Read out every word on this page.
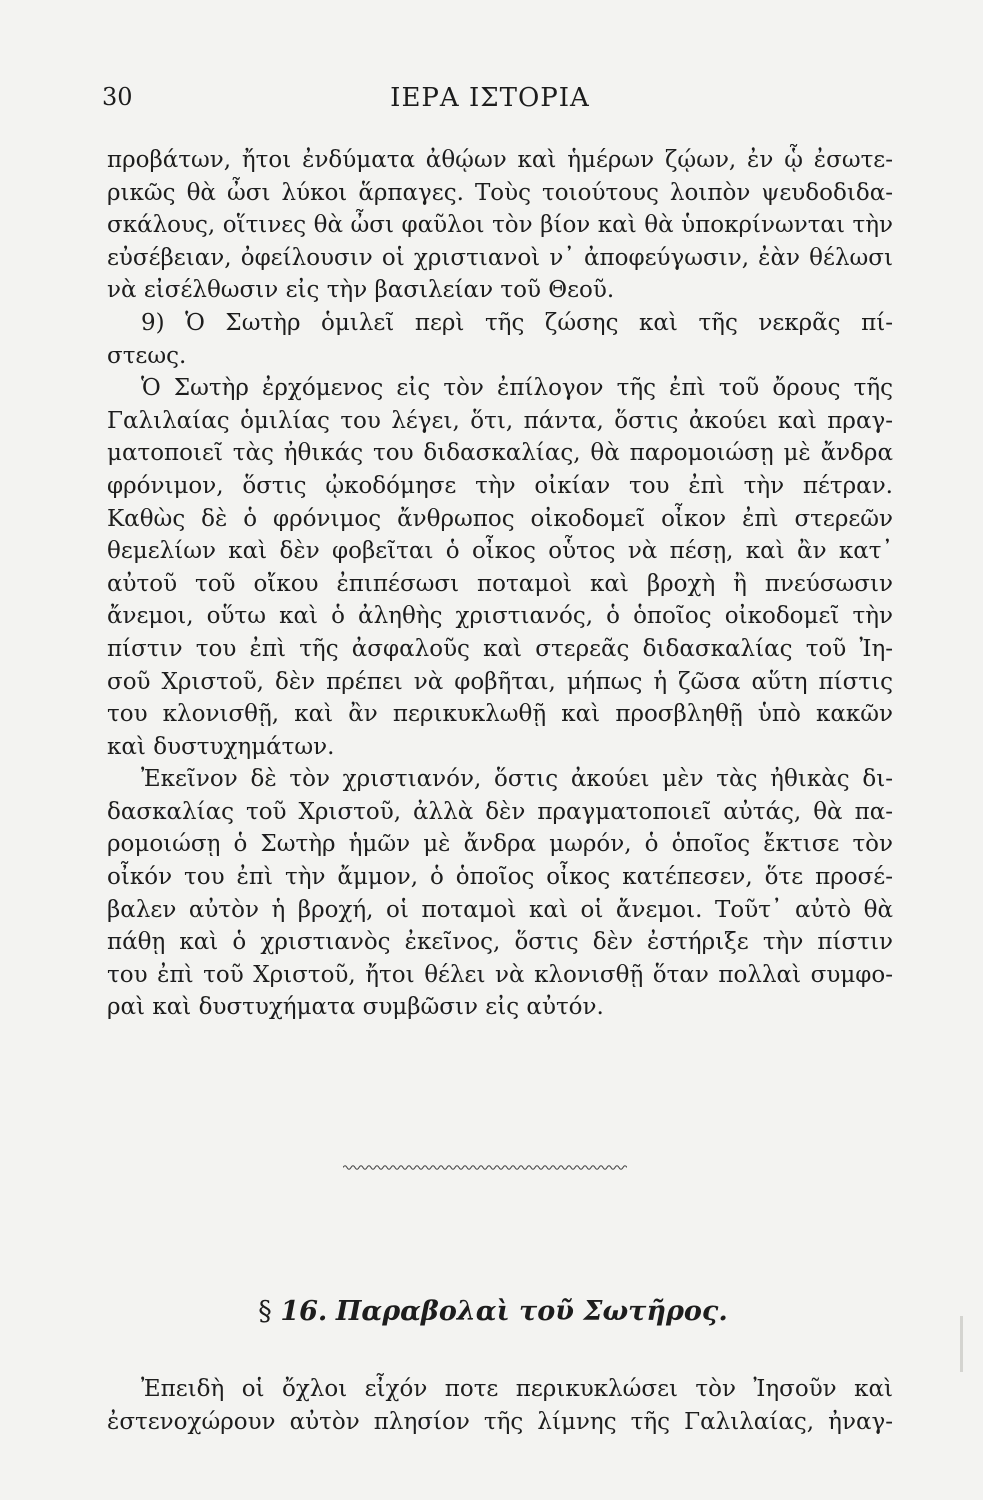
30	ΙΕΡΑ ΙΣΤΟΡΙΑ
προβάτων, ἤτοι ἐνδύματα ἀθῴων καὶ ἡμέρων ζῴων, ἐν ᾧ ἐσωτε-
ρικῶς θὰ ὦσι λύκοι ἅρπαγες. Τοὺς τοιούτους λοιπὸν ψευδοδιδα-
σκάλους, οἵτινες θὰ ὦσι φαῦλοι τὸν βίον καὶ θὰ ὑποκρίνωνται τὴν
εὐσέβειαν, ὀφείλουσιν οἱ χριστιανοὶ ν᾿ ἀποφεύγωσιν, ἐὰν θέλωσι
νὰ εἰσέλθωσιν εἰς τὴν βασιλείαν τοῦ Θεοῦ.
9) Ὁ Σωτὴρ ὁμιλεῖ περὶ τῆς ζώσης καὶ τῆς νεκρᾶς πί-
στεως.
Ὁ Σωτὴρ ἐρχόμενος εἰς τὸν ἐπίλογον τῆς ἐπὶ τοῦ ὄρους τῆς
Γαλιλαίας ὁμιλίας του λέγει, ὅτι, πάντα, ὅστις ἀκούει καὶ πραγ-
ματοποιεῖ τὰς ἠθικάς του διδασκαλίας, θὰ παρομοιώσῃ μὲ ἄνδρα
φρόνιμον, ὅστις ᾠκοδόμησε τὴν οἰκίαν του ἐπὶ τὴν πέτραν.
Καθὼς δὲ ὁ φρόνιμος ἄνθρωπος οἰκοδομεῖ οἶκον ἐπὶ στερεῶν
θεμελίων καὶ δὲν φοβεῖται ὁ οἶκος οὗτος νὰ πέσῃ, καὶ ἂν κατ᾿
αὐτοῦ τοῦ οἴκου ἐπιπέσωσι ποταμοὶ καὶ βροχὴ ἢ πνεύσωσιν
ἄνεμοι, οὕτω καὶ ὁ ἀληθὴς χριστιανός, ὁ ὁποῖος οἰκοδομεῖ τὴν
πίστιν του ἐπὶ τῆς ἀσφαλοῦς καὶ στερεᾶς διδασκαλίας τοῦ Ἰη-
σοῦ Χριστοῦ, δὲν πρέπει νὰ φοβῆται, μήπως ἡ ζῶσα αὕτη πίστις
του κλονισθῇ, καὶ ἂν περικυκλωθῇ καὶ προσβληθῇ ὑπὸ κακῶν
καὶ δυστυχημάτων.
Ἐκεῖνον δὲ τὸν χριστιανόν, ὅστις ἀκούει μὲν τὰς ἠθικὰς δι-
δασκαλίας τοῦ Χριστοῦ, ἀλλὰ δὲν πραγματοποιεῖ αὐτάς, θὰ πα-
ρομοιώσῃ ὁ Σωτὴρ ἡμῶν μὲ ἄνδρα μωρόν, ὁ ὁποῖος ἔκτισε τὸν
οἶκόν του ἐπὶ τὴν ἄμμον, ὁ ὁποῖος οἶκος κατέπεσεν, ὅτε προσέ-
βαλεν αὐτὸν ἡ βροχή, οἱ ποταμοὶ καὶ οἱ ἄνεμοι. Τοῦτ᾿ αὐτὸ θὰ
πάθῃ καὶ ὁ χριστιανὸς ἐκεῖνος, ὅστις δὲν ἐστήριξε τὴν πίστιν
του ἐπὶ τοῦ Χριστοῦ, ἤτοι θέλει νὰ κλονισθῇ ὅταν πολλαὶ συμφο-
ραὶ καὶ δυστυχήματα συμβῶσιν εἰς αὐτόν.
§ 16. Παραβολαὶ τοῦ Σωτῆρος.
Ἐπειδὴ οἱ ὄχλοι εἶχόν ποτε περικυκλώσει τὸν Ἰησοῦν καὶ
ἐστενοχώρουν αὐτὸν πλησίον τῆς λίμνης τῆς Γαλιλαίας, ἠναγ-
